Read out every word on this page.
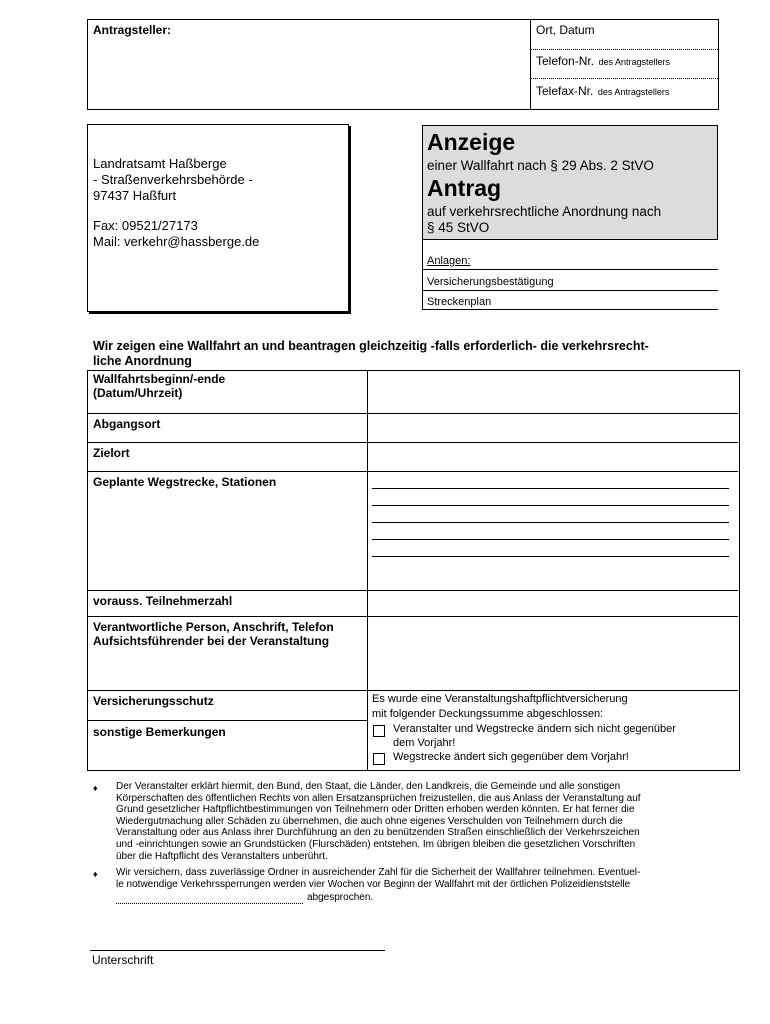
Antragsteller:	Ort, Datum
Telefon-Nr. des Antragstellers
Telefax-Nr. des Antragstellers
Landratsamt Haßberge
- Straßenverkehrsbehörde -
97437 Haßfurt
Fax: 09521/27173
Mail: verkehr@hassberge.de
Anzeige
einer Wallfahrt nach § 29 Abs. 2 StVO
Antrag
auf verkehrsrechtliche Anordnung nach
§ 45 StVO
Anlagen:
Versicherungsbestätigung
Streckenplan
Wir zeigen eine Wallfahrt an und beantragen gleichzeitig -falls erforderlich- die verkehrsrecht-
liche Anordnung
Wallfahrtsbeginn/-ende
(Datum/Uhrzeit)
Abgangsort
Zielort
Geplante Wegstrecke, Stationen
vorauss. Teilnehmerzahl
Verantwortliche Person, Anschrift, Telefon
Aufsichtsführender bei der Veranstaltung
Versicherungsschutz
sonstige Bemerkungen
Es wurde eine Veranstaltungshaftpflichtversicherung
mit folgender Deckungssumme abgeschlossen:
Veranstalter und Wegstrecke ändern sich nicht gegenüber
dem Vorjahr!
Wegstrecke ändert sich gegenüber dem Vorjahr!
♦ Der Veranstalter erklärt hiermit, den Bund, den Staat, die Länder, den Landkreis, die Gemeinde und alle sonstigen
Körperschaften des öffentlichen Rechts von allen Ersatzansprüchen freizustellen, die aus Anlass der Veranstaltung auf
Grund gesetzlicher Haftpflichtbestimmungen von Teilnehmern oder Dritten erhoben werden könnten. Er hat ferner die
Wiedergutmachung aller Schäden zu übernehmen, die auch ohne eigenes Verschulden von Teilnehmern durch die
Veranstaltung oder aus Anlass ihrer Durchführung an den zu benützenden Straßen einschließlich der Verkehrszeichen
und -einrichtungen sowie an Grundstücken (Flurschäden) entstehen. Im übrigen bleiben die gesetzlichen Vorschriften
über die Haftpflicht des Veranstalters unberührt.
♦ Wir versichern, dass zuverlässige Ordner in ausreichender Zahl für die Sicherheit der Wallfahrer teilnehmen. Eventuel-
le notwendige Verkehrssperrungen werden vier Wochen vor Beginn der Wallfahrt mit der örtlichen Polizeidienststelle
abgesprochen.
Unterschrift
